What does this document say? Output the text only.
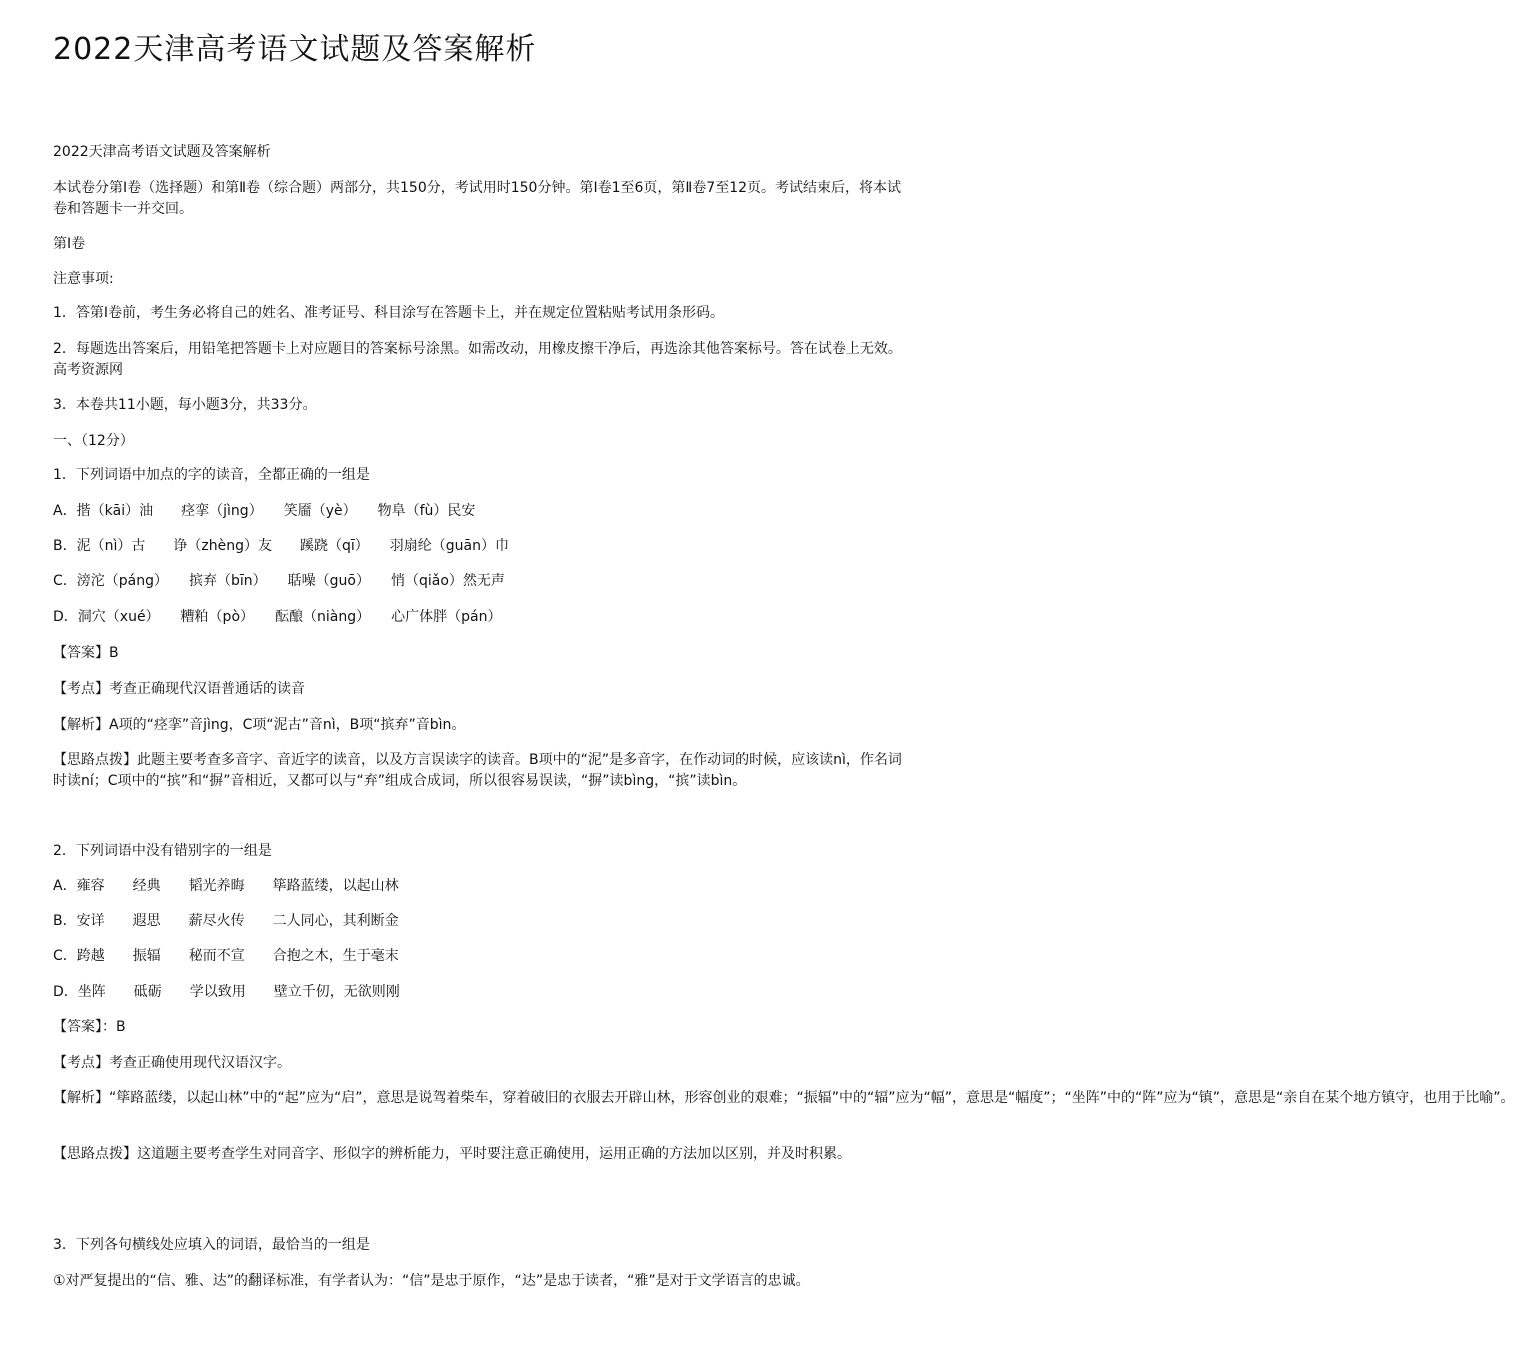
2022天津高考语文试题及答案解析

2022天津高考语文试题及答案解析

本试卷分第Ⅰ卷（选择题）和第Ⅱ卷（综合题）两部分，共150分，考试用时150分钟。第Ⅰ卷1至6页，第Ⅱ卷7至12页。考试结束后，将本试卷和答题卡一并交回。

第Ⅰ卷

注意事项:

1．答第Ⅰ卷前，考生务必将自己的姓名、准考证号、科目涂写在答题卡上，并在规定位置粘贴考试用条形码。

2．每题选出答案后，用铅笔把答题卡上对应题目的答案标号涂黑。如需改动，用橡皮擦干净后，再选涂其他答案标号。答在试卷上无效。高考资源网

3．本卷共11小题，每小题3分，共33分。

一、（12分）

1．下列词语中加点的字的读音，全都正确的一组是

A．揩（kāi）油　　痉挛（jìng）　　笑靥（yè）　　物阜（fù）民安

B．泥（nì）古　　诤（zhèng）友　　蹊跷（qī）　　羽扇纶（guān）巾

C．滂沱（páng）　　摈弃（bīn）　　聒噪（guō）　　悄（qiǎo）然无声

D．洞穴（xué）　　糟粕（pò）　　酝酿（niàng）　　心广体胖（pán）

【答案】B

【考点】考查正确现代汉语普通话的读音

【解析】A项的“痉挛”音jìng，C项“泥古”音nì，B项“摈弃”音bìn。

【思路点拨】此题主要考查多音字、音近字的读音，以及方言误读字的读音。B项中的“泥”是多音字，在作动词的时候，应该读nì，作名词时读ní；C项中的“摈”和“摒”音相近，又都可以与“弃”组成合成词，所以很容易误读，“摒”读bìng，“摈”读bìn。

2．下列词语中没有错别字的一组是

A．雍容　　经典　　韬光养晦　　筚路蓝缕，以起山林

B．安详　　遐思　　薪尽火传　　二人同心，其利断金

C．跨越　　振辐　　秘而不宣　　合抱之木，生于毫末

D．坐阵　　砥砺　　学以致用　　壁立千仞，无欲则刚

【答案】：B

【考点】考查正确使用现代汉语汉字。

【解析】“筚路蓝缕，以起山林”中的“起”应为“启”，意思是说驾着柴车，穿着破旧的衣服去开辟山林，形容创业的艰难；“振辐”中的“辐”应为“幅”，意思是“幅度”；“坐阵”中的“阵”应为“镇”，意思是“亲自在某个地方镇守，也用于比喻”。

【思路点拨】这道题主要考查学生对同音字、形似字的辨析能力，平时要注意正确使用，运用正确的方法加以区别，并及时积累。

3．下列各句横线处应填入的词语，最恰当的一组是

①对严复提出的“信、雅、达”的翻译标准，有学者认为：“信”是忠于原作，“达”是忠于读者，“雅”是对于文学语言的忠诚。
